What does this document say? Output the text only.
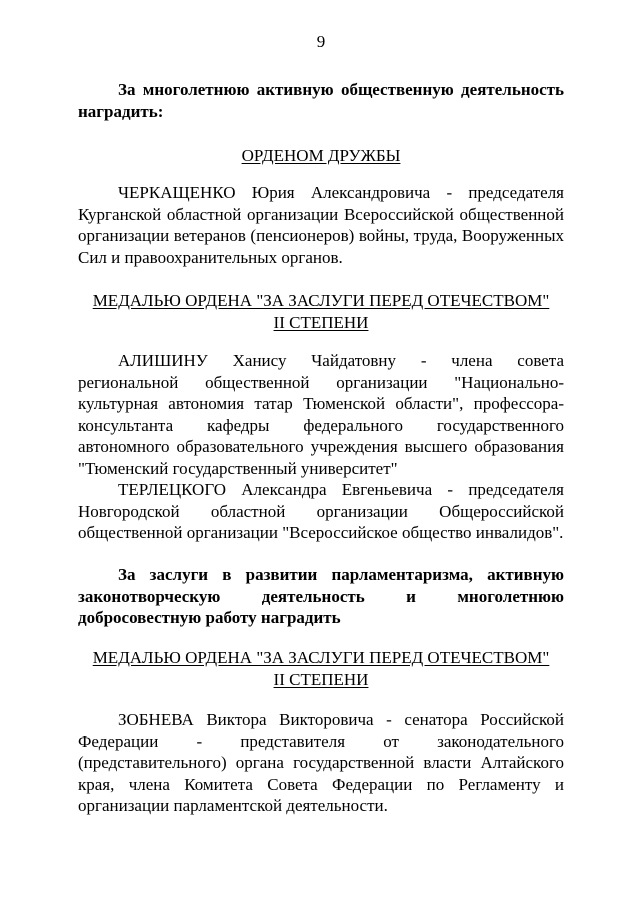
9
За многолетнюю активную общественную деятельность наградить:
ОРДЕНОМ ДРУЖБЫ
ЧЕРКАЩЕНКО Юрия Александровича - председателя Курганской областной организации Всероссийской общественной организации ветеранов (пенсионеров) войны, труда, Вооруженных Сил и правоохранительных органов.
МЕДАЛЬЮ ОРДЕНА "ЗА ЗАСЛУГИ ПЕРЕД ОТЕЧЕСТВОМ"
II СТЕПЕНИ
АЛИШИНУ Ханису Чайдатовну - члена совета региональной общественной организации "Национально-культурная автономия татар Тюменской области", профессора-консультанта кафедры федерального государственного автономного образовательного учреждения высшего образования "Тюменский государственный университет"
ТЕРЛЕЦКОГО Александра Евгеньевича - председателя Новгородской областной организации Общероссийской общественной организации "Всероссийское общество инвалидов".
За заслуги в развитии парламентаризма, активную законотворческую деятельность и многолетнюю добросовестную работу наградить
МЕДАЛЬЮ ОРДЕНА "ЗА ЗАСЛУГИ ПЕРЕД ОТЕЧЕСТВОМ"
II СТЕПЕНИ
ЗОБНЕВА Виктора Викторовича - сенатора Российской Федерации - представителя от законодательного (представительного) органа государственной власти Алтайского края, члена Комитета Совета Федерации по Регламенту и организации парламентской деятельности.
